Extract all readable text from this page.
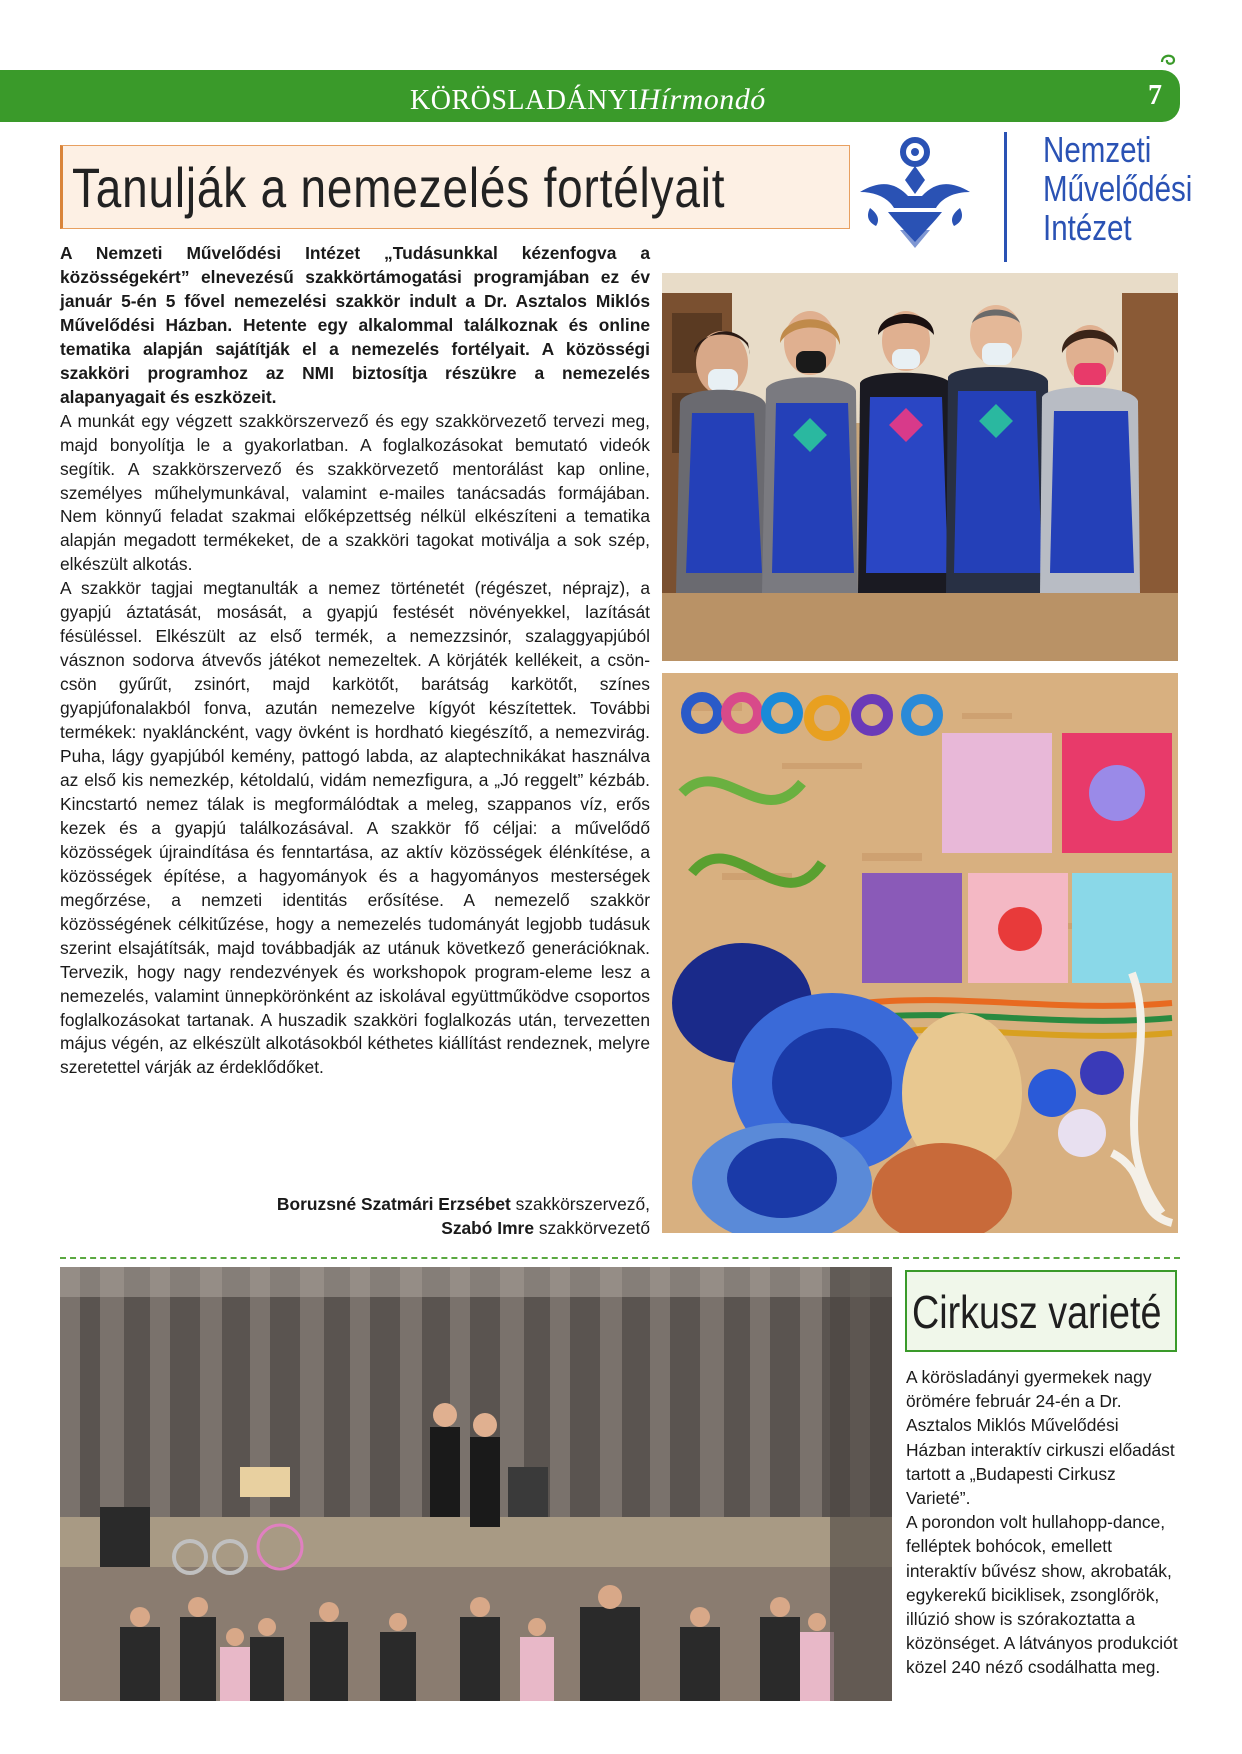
KÖRÖSLADÁNYIHírmondó	7
Tanulják a nemezelés fortélyait
Nemzeti
Művelődési
Intézet

A Nemzeti Művelődési Intézet „Tudásunkkal kézenfogva a közösségekért” elnevezésű szakkörtámogatási programjában ez év január 5-én 5 fővel nemezelési szakkör indult a Dr. Asztalos Miklós Művelődési Házban. Hetente egy alkalommal találkoznak és online tematika alapján sajátítják el a nemezelés fortélyait. A közösségi szakköri programhoz az NMI biztosítja részükre a nemezelés alapanyagait és eszközeit.

A munkát egy végzett szakkörszervező és egy szakkörvezető tervezi meg, majd bonyolítja le a gyakorlatban. A foglalkozásokat bemutató videók segítik. A szakkörszervező és szakkörvezető mentorálást kap online, személyes műhelymunkával, valamint e-mailes tanácsadás formájában. Nem könnyű feladat szakmai előképzettség nélkül elkészíteni a tematika alapján megadott termékeket, de a szakköri tagokat motiválja a sok szép, elkészült alkotás.

A szakkör tagjai megtanulták a nemez történetét (régészet, néprajz), a gyapjú áztatását, mosását, a gyapjú festését növényekkel, lazítását fésüléssel. Elkészült az első termék, a nemezzsinór, szalaggyapjúból vásznon sodorva átvevős játékot nemezeltek. A körjáték kellékeit, a csön-csön gyűrűt, zsinórt, majd karkötőt, barátság karkötőt, színes gyapjúfonalakból fonva, azután nemezelve kígyót készítettek. További termékek: nyakláncként, vagy övként is hordható kiegészítő, a nemezvirág. Puha, lágy gyapjúból kemény, pattogó labda, az alaptechnikákat használva az első kis nemezkép, kétoldalú, vidám nemezfigura, a „Jó reggelt” kézbáb. Kincstartó nemez tálak is megformálódtak a meleg, szappanos víz, erős kezek és a gyapjú találkozásával. A szakkör fő céljai: a művelődő közösségek újraindítása és fenntartása, az aktív közösségek élénkítése, a közösségek építése, a hagyományok és a hagyományos mesterségek megőrzése, a nemzeti identitás erősítése. A nemezelő szakkör közösségének célkitűzése, hogy a nemezelés tudományát legjobb tudásuk szerint elsajátítsák, majd továbbadják az utánuk következő generációknak. Tervezik, hogy nagy rendezvények és workshopok program-eleme lesz a nemezelés, valamint ünnepkörönként az iskolával együttműködve csoportos foglalkozásokat tartanak. A huszadik szakköri foglalkozás után, tervezetten május végén, az elkészült alkotásokból kéthetes kiállítást rendeznek, melyre szeretettel várják az érdeklődőket.

Boruzsné Szatmári Erzsébet szakkörszervező,
Szabó Imre szakkörvezető
Cirkusz varieté

A körösladányi gyermekek nagy örömére február 24-én a Dr. Asztalos Miklós Művelődési Házban interaktív cirkuszi előadást tartott a „Budapesti Cirkusz Varieté”.

A porondon volt hullahopp-dance, felléptek bohócok, emellett interaktív bűvész show, akrobaták, egykerekű biciklisek, zsonglőrök, illúzió show is szórakoztatta a közönséget. A látványos produkciót közel 240 néző csodálhatta meg.
